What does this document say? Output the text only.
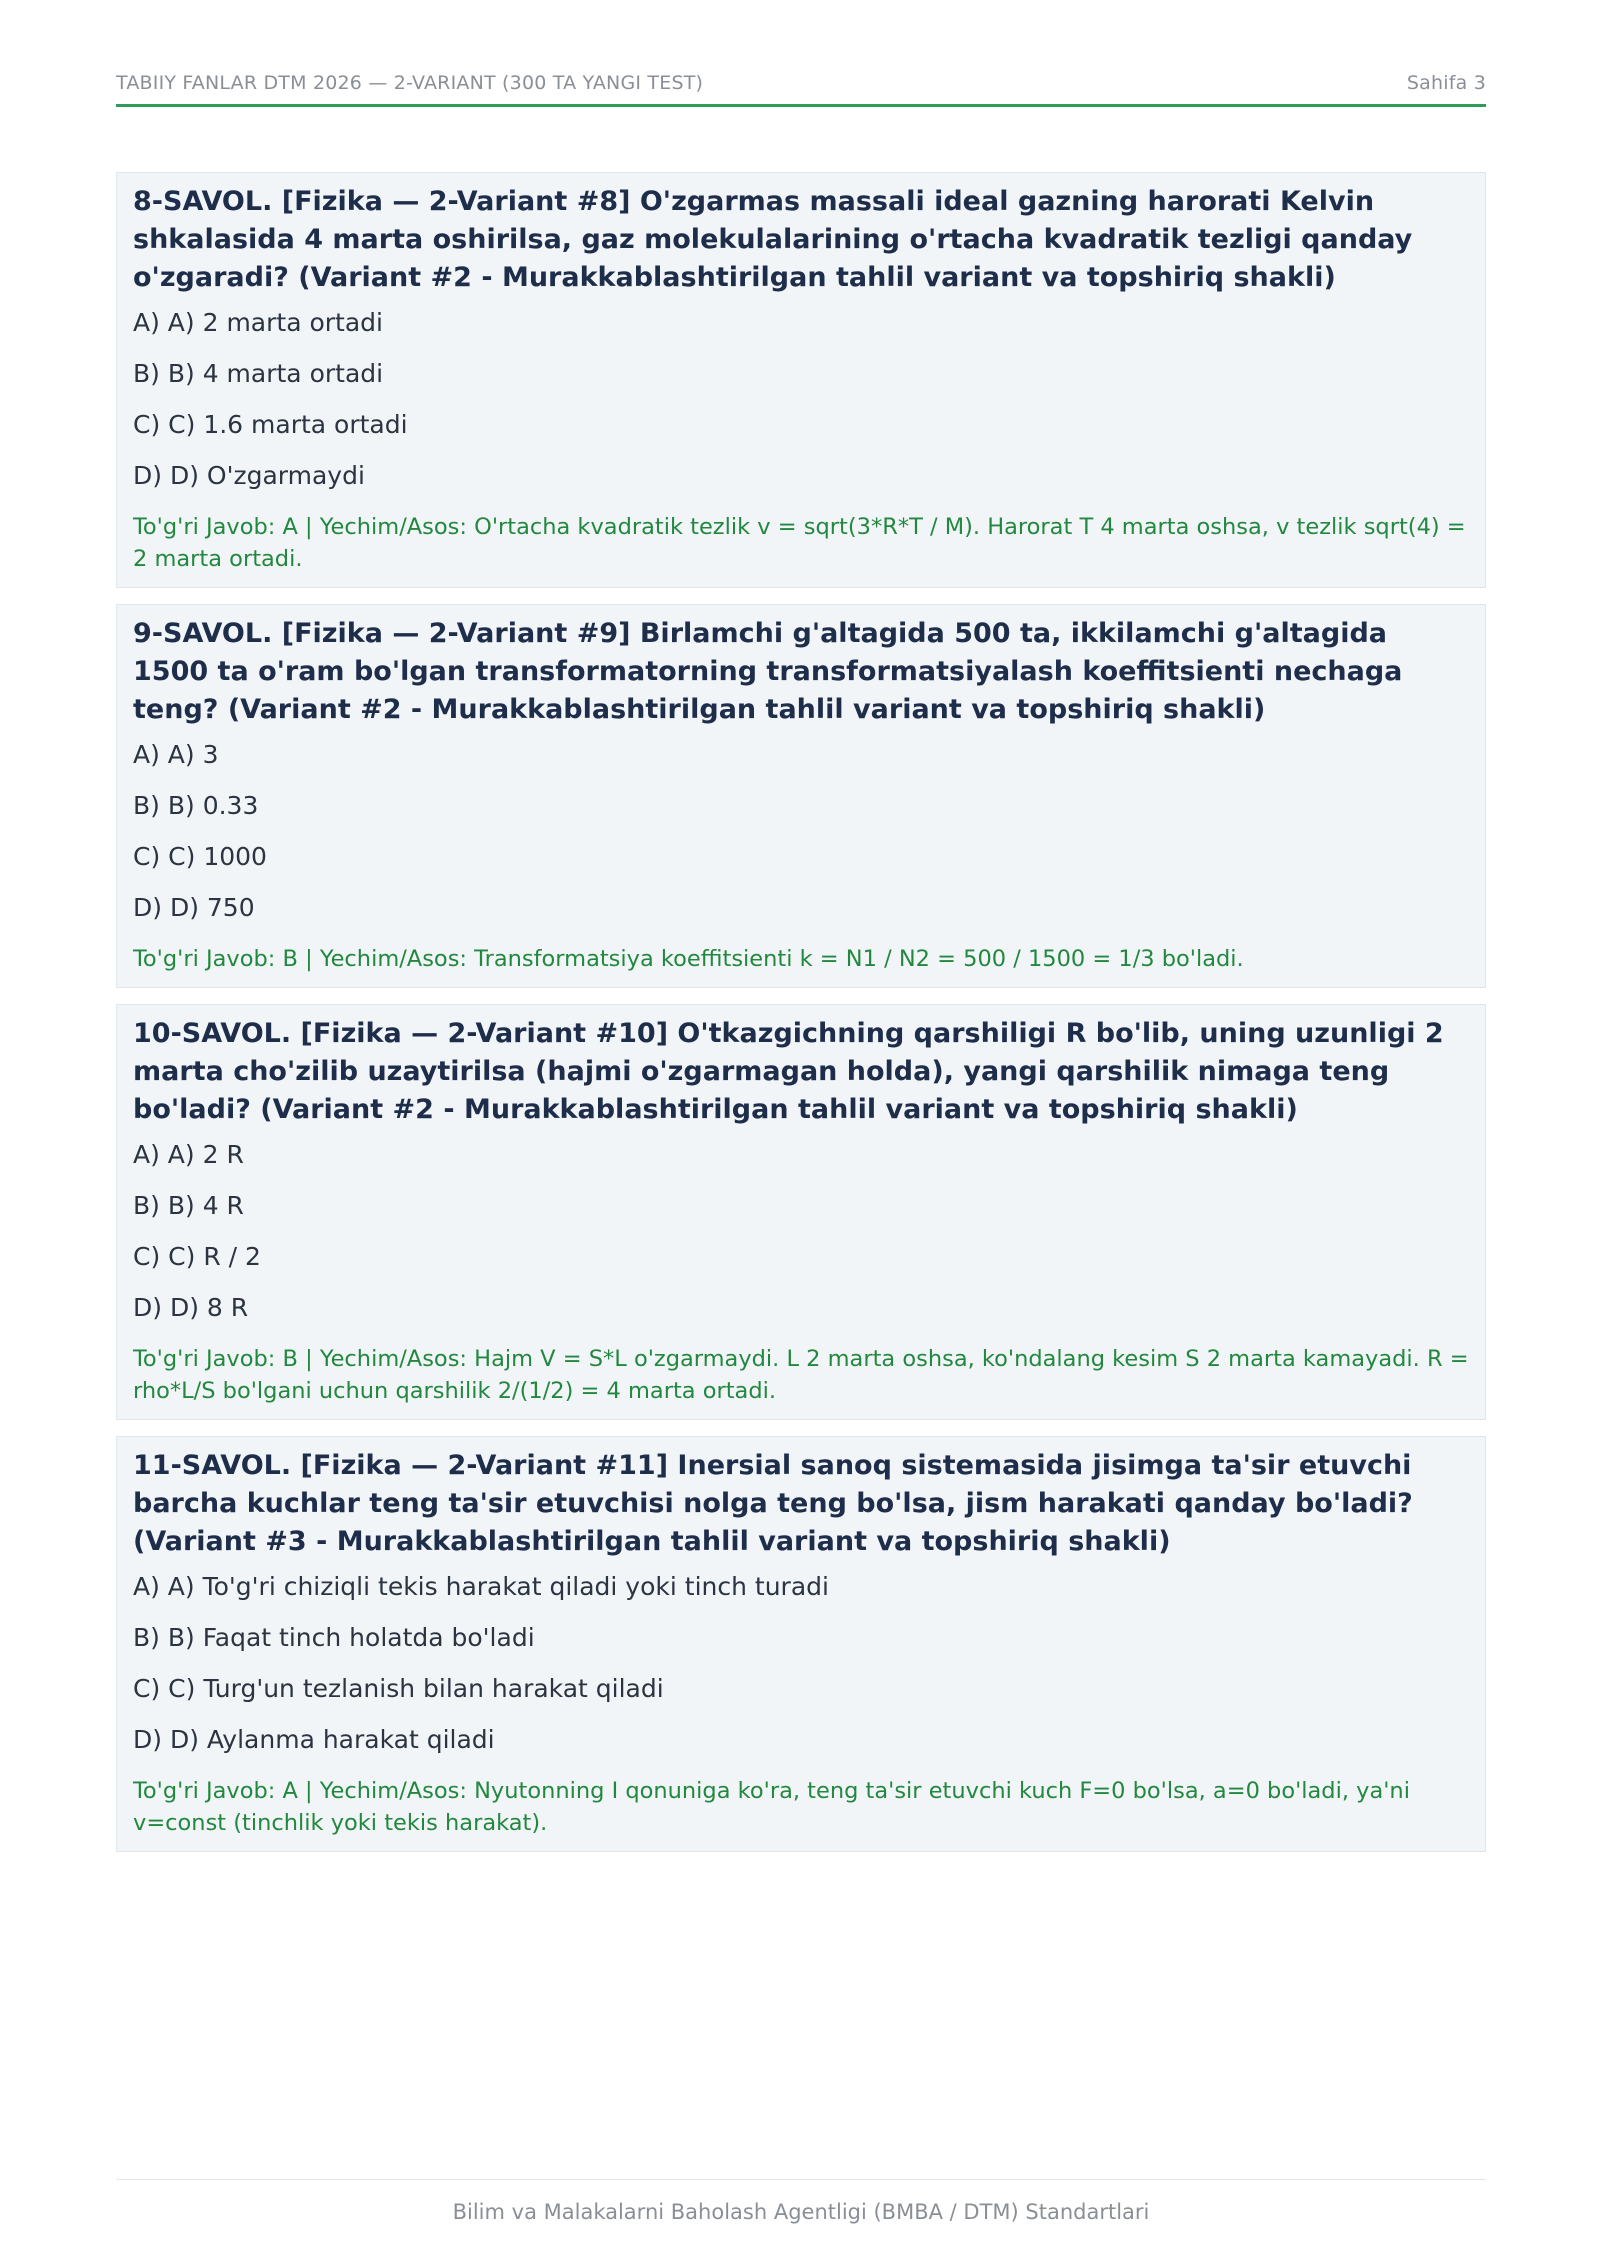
TABIIY FANLAR DTM 2026 — 2-VARIANT (300 TA YANGI TEST)	Sahifa 3
8-SAVOL. [Fizika — 2-Variant #8] O'zgarmas massali ideal gazning harorati Kelvin shkalasida 4 marta oshirilsa, gaz molekulalarining o'rtacha kvadratik tezligi qanday o'zgaradi? (Variant #2 - Murakkablashtirilgan tahlil variant va topshiriq shakli)
A) A) 2 marta ortadi
B) B) 4 marta ortadi
C) C) 1.6 marta ortadi
D) D) O'zgarmaydi
To'g'ri Javob: A | Yechim/Asos: O'rtacha kvadratik tezlik v = sqrt(3*R*T / M). Harorat T 4 marta oshsa, v tezlik sqrt(4) = 2 marta ortadi.
9-SAVOL. [Fizika — 2-Variant #9] Birlamchi g'altagida 500 ta, ikkilamchi g'altagida 1500 ta o'ram bo'lgan transformatorning transformatsiyalash koeffitsienti nechaga teng? (Variant #2 - Murakkablashtirilgan tahlil variant va topshiriq shakli)
A) A) 3
B) B) 0.33
C) C) 1000
D) D) 750
To'g'ri Javob: B | Yechim/Asos: Transformatsiya koeffitsienti k = N1 / N2 = 500 / 1500 = 1/3 bo'ladi.
10-SAVOL. [Fizika — 2-Variant #10] O'tkazgichning qarshiligi R bo'lib, uning uzunligi 2 marta cho'zilib uzaytirilsa (hajmi o'zgarmagan holda), yangi qarshilik nimaga teng bo'ladi? (Variant #2 - Murakkablashtirilgan tahlil variant va topshiriq shakli)
A) A) 2 R
B) B) 4 R
C) C) R / 2
D) D) 8 R
To'g'ri Javob: B | Yechim/Asos: Hajm V = S*L o'zgarmaydi. L 2 marta oshsa, ko'ndalang kesim S 2 marta kamayadi. R = rho*L/S bo'lgani uchun qarshilik 2/(1/2) = 4 marta ortadi.
11-SAVOL. [Fizika — 2-Variant #11] Inersial sanoq sistemasida jisimga ta'sir etuvchi barcha kuchlar teng ta'sir etuvchisi nolga teng bo'lsa, jism harakati qanday bo'ladi? (Variant #3 - Murakkablashtirilgan tahlil variant va topshiriq shakli)
A) A) To'g'ri chiziqli tekis harakat qiladi yoki tinch turadi
B) B) Faqat tinch holatda bo'ladi
C) C) Turg'un tezlanish bilan harakat qiladi
D) D) Aylanma harakat qiladi
To'g'ri Javob: A | Yechim/Asos: Nyutonning I qonuniga ko'ra, teng ta'sir etuvchi kuch F=0 bo'lsa, a=0 bo'ladi, ya'ni v=const (tinchlik yoki tekis harakat).
Bilim va Malakalarni Baholash Agentligi (BMBA / DTM) Standartlari
